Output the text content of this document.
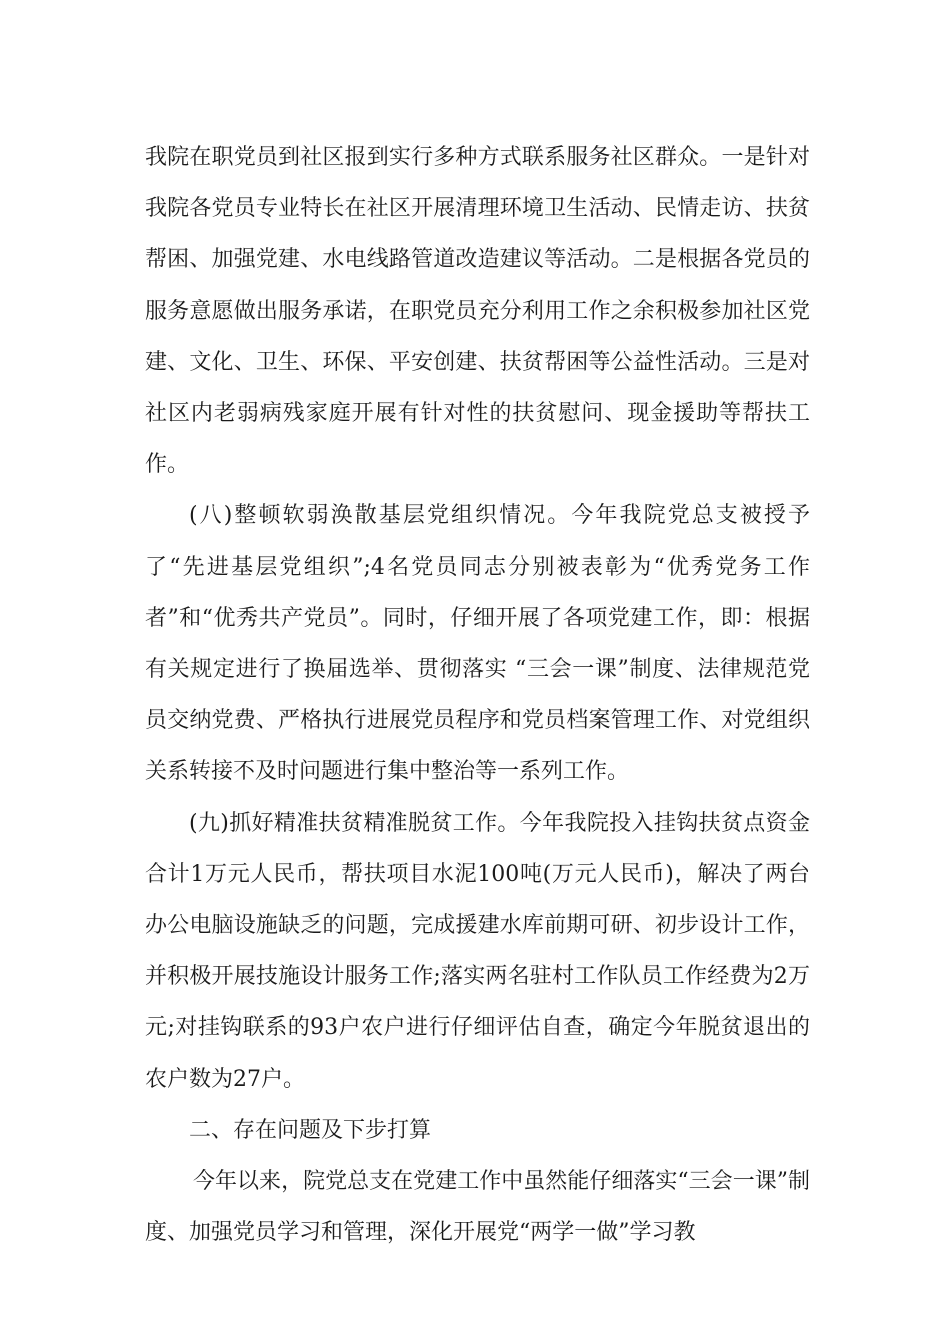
我院在职党员到社区报到实行多种方式联系服务社区群众。一是针对我院各党员专业特长在社区开展清理环境卫生活动、民情走访、扶贫帮困、加强党建、水电线路管道改造建议等活动。二是根据各党员的服务意愿做出服务承诺，在职党员充分利用工作之余积极参加社区党建、文化、卫生、环保、平安创建、扶贫帮困等公益性活动。三是对社区内老弱病残家庭开展有针对性的扶贫慰问、现金援助等帮扶工作。

(八)整顿软弱涣散基层党组织情况。今年我院党总支被授予了“先进基层党组织”;4名党员同志分别被表彰为“优秀党务工作者”和“优秀共产党员”。同时，仔细开展了各项党建工作，即：根据有关规定进行了换届选举、贯彻落实 “三会一课”制度、法律规范党员交纳党费、严格执行进展党员程序和党员档案管理工作、对党组织关系转接不及时问题进行集中整治等一系列工作。

(九)抓好精准扶贫精准脱贫工作。今年我院投入挂钩扶贫点资金合计1万元人民币，帮扶项目水泥100吨(万元人民币)，解决了两台办公电脑设施缺乏的问题，完成援建水库前期可研、初步设计工作，并积极开展技施设计服务工作;落实两名驻村工作队员工作经费为2万元;对挂钩联系的93户农户进行仔细评估自查，确定今年脱贫退出的农户数为27户。

二、存在问题及下步打算

今年以来，院党总支在党建工作中虽然能仔细落实“三会一课”制度、加强党员学习和管理，深化开展党“两学一做”学习教
